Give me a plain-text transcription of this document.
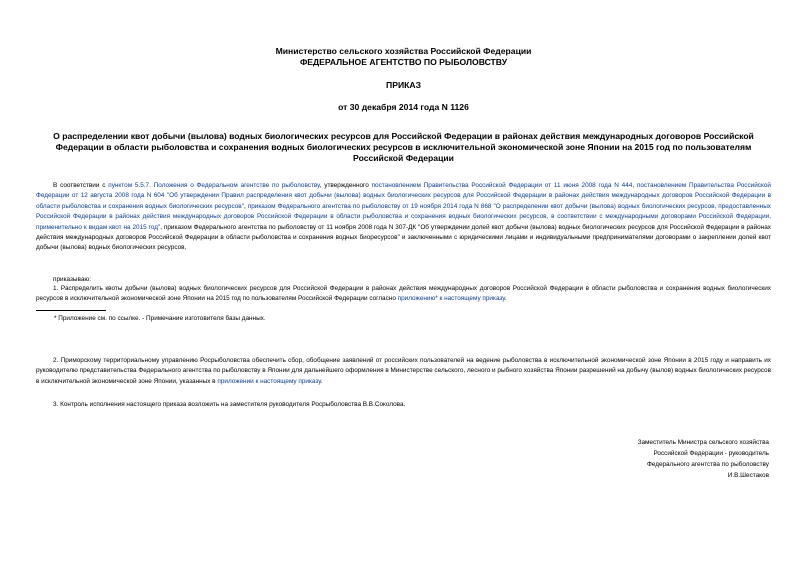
Министерство сельского хозяйства Российской Федерации
ФЕДЕРАЛЬНОЕ АГЕНТСТВО ПО РЫБОЛОВСТВУ
ПРИКАЗ
от 30 декабря 2014 года N 1126
О распределении квот добычи (вылова) водных биологических ресурсов для Российской Федерации в районах действия международных договоров Российской Федерации в области рыболовства и сохранения водных биологических ресурсов в исключительной экономической зоне Японии на 2015 год по пользователям Российской Федерации
В соответствии с пунктом 5.5.7. Положения о Федеральном агентстве по рыболовству, утвержденного постановлением Правительства Российской Федерации от 11 июня 2008 года N 444, постановлением Правительства Российской Федерации от 12 августа 2008 года N 604 "Об утверждении Правил распределения квот добычи (вылова) водных биологических ресурсов для Российской Федерации в районах действия международных договоров Российской Федерации в области рыболовства и сохранения водных биологических ресурсов", приказом Федерального агентства по рыболовству от 19 ноября 2014 года N 868 "О распределении квот добычи (вылова) водных биологических ресурсов, предоставленных Российской Федерации в районах действия международных договоров Российской Федерации в области рыболовства и сохранения водных биологических ресурсов, в соответствии с международными договорами Российской Федерации, применительно к видам квот на 2015 год", приказом Федерального агентства по рыболовству от 11 ноября 2008 года N 307-ДК "Об утверждении долей квот добычи (вылова) водных биологических ресурсов для Российской Федерации в районах действия международных договоров Российской Федерации в области рыболовства и сохранения водных биоресурсов" и заключенными с юридическими лицами и индивидуальными предпринимателями договорами о закреплении долей квот добычи (вылова) водных биологических ресурсов,
приказываю:
1. Распределить квоты добычи (вылова) водных биологических ресурсов для Российской Федерации в районах действия международных договоров Российской Федерации в области рыболовства и сохранения водных биологических ресурсов в исключительной экономической зоне Японии на 2015 год по пользователям Российской Федерации согласно приложению* к настоящему приказу.
* Приложение см. по ссылке. - Примечание изготовителя базы данных.
2. Приморскому территориальному управлению Росрыболовства обеспечить сбор, обобщение заявлений от российских пользователей на ведение рыболовства в исключительной экономической зоне Японии в 2015 году и направить их руководителю представительства Федерального агентства по рыболовству в Японии для дальнейшего оформления в Министерстве сельского, лесного и рыбного хозяйства Японии разрешений на добычу (вылов) водных биологических ресурсов в исключительной экономической зоне Японии, указанных в приложении к настоящему приказу.
3. Контроль исполнения настоящего приказа возложить на заместителя руководителя Росрыболовства В.В.Соколова.
Заместитель Министра сельского хозяйства
Российской Федерации - руководитель
Федерального агентства по рыболовству
И.В.Шестаков
